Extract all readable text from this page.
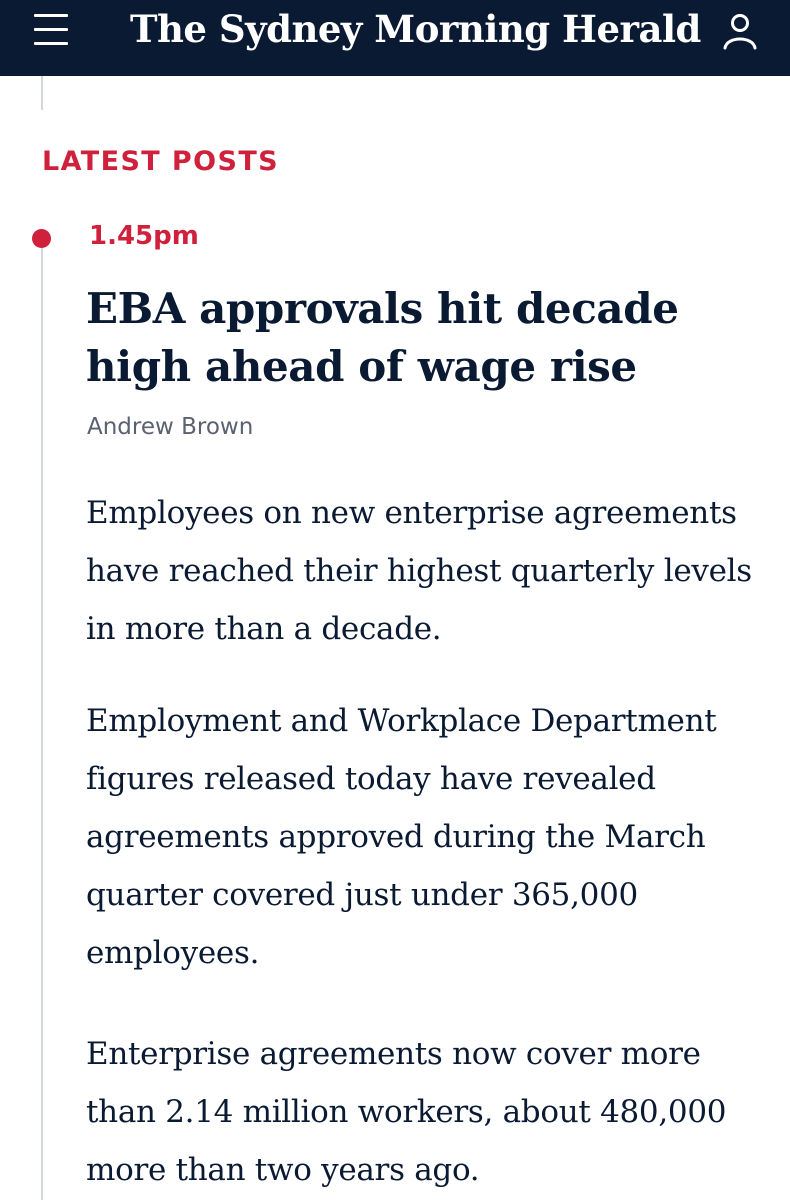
The Sydney Morning Herald
LATEST POSTS
1.45pm
EBA approvals hit decade high ahead of wage rise
Andrew Brown

Employees on new enterprise agreements have reached their highest quarterly levels in more than a decade.

Employment and Workplace Department figures released today have revealed agreements approved during the March quarter covered just under 365,000 employees.

Enterprise agreements now cover more than 2.14 million workers, about 480,000 more than two years ago.
